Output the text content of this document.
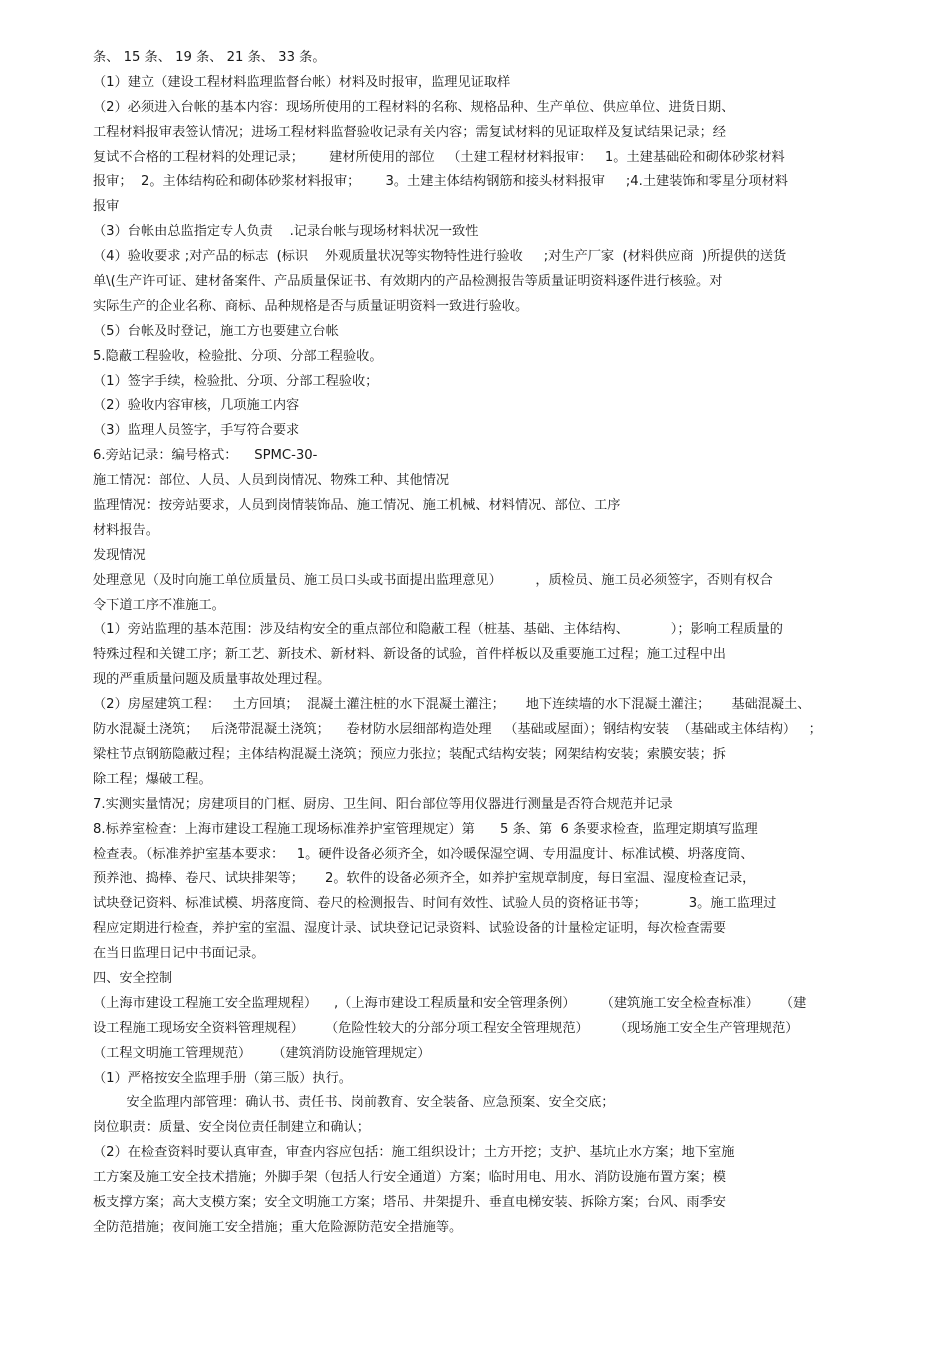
条、 15 条、 19 条、 21 条、 33 条。
（1）建立（建设工程材料监理监督台帐）材料及时报审，监理见证取样
（2）必须进入台帐的基本内容：现场所使用的工程材料的名称、规格品种、生产单位、供应单位、进货日期、
工程材料报审表签认情况；进场工程材料监督验收记录有关内容；需复试材料的见证取样及复试结果记录；经
复试不合格的工程材料的处理记录；      建材所使用的部位   （土建工程材材料报审：   1。土建基础砼和砌体砂浆材料
报审；  2。主体结构砼和砌体砂浆材料报审；      3。土建主体结构钢筋和接头材料报审     ;4.土建装饰和零星分项材料
报审
（3）台帐由总监指定专人负责    .记录台帐与现场材料状况一致性
（4）验收要求 ;对产品的标志  (标识    外观质量状况等实物特性进行验收     ;对生产厂家  (材料供应商  )所提供的送货
单\(生产许可证、建材备案件、产品质量保证书、有效期内的产品检测报告等质量证明资料逐件进行核验。对
实际生产的企业名称、商标、品种规格是否与质量证明资料一致进行验收。
（5）台帐及时登记，施工方也要建立台帐
5.隐蔽工程验收，检验批、分项、分部工程验收。
（1）签字手续，检验批、分项、分部工程验收；
（2）验收内容审核，几项施工内容
（3）监理人员签字，手写符合要求
6.旁站记录：编号格式：    SPMC-30-
施工情况：部位、人员、人员到岗情况、物殊工种、其他情况
监理情况：按旁站要求，人员到岗情装饰品、施工情况、施工机械、材料情况、部位、工序
材料报告。
发现情况
处理意见（及时向施工单位质量员、施工员口头或书面提出监理意见）        ，质检员、施工员必须签字，否则有权合
令下道工序不准施工。
（1）旁站监理的基本范围：涉及结构安全的重点部位和隐蔽工程（桩基、基础、主体结构、          ）；影响工程质量的
特殊过程和关键工序；新工艺、新技术、新材料、新设备的试验，首件样板以及重要施工过程；施工过程中出
现的严重质量问题及质量事故处理过程。
（2）房屋建筑工程：   土方回填；  混凝土灌注桩的水下混凝土灌注；     地下连续墙的水下混凝土灌注；     基础混凝土、
防水混凝土浇筑；   后浇带混凝土浇筑；    卷材防水层细部构造处理   （基础或屋面）；钢结构安装  （基础或主体结构）   ；
梁柱节点钢筋隐蔽过程；主体结构混凝土浇筑；预应力张拉；装配式结构安装；网架结构安装；索膜安装；拆
除工程；爆破工程。
7.实测实量情况；房建项目的门框、厨房、卫生间、阳台部位等用仪器进行测量是否符合规范并记录
8.标养室检查：上海市建设工程施工现场标准养护室管理规定）第      5 条、第  6 条要求检查，监理定期填写监理
检查表。（标准养护室基本要求：   1。硬件设备必须齐全，如冷暖保湿空调、专用温度计、标准试模、坍落度筒、
预养池、捣棒、卷尺、试块排架等；     2。软件的设备必须齐全，如养护室规章制度，每日室温、湿度检查记录，
试块登记资料、标准试模、坍落度筒、卷尺的检测报告、时间有效性、试验人员的资格证书等；          3。施工监理过
程应定期进行检查，养护室的室温、湿度计录、试块登记记录资料、试验设备的计量检定证明，每次检查需要
在当日监理日记中书面记录。
四、安全控制
（上海市建设工程施工安全监理规程）    ,（上海市建设工程质量和安全管理条例）      （建筑施工安全检查标准）     （建
设工程施工现场安全资料管理规程）     （危险性较大的分部分项工程安全管理规范）      （现场施工安全生产管理规范）
（工程文明施工管理规范）     （建筑消防设施管理规定）
（1）严格按安全监理手册（第三版）执行。
安全监理内部管理：确认书、责任书、岗前教育、安全装备、应急预案、安全交底；
岗位职责：质量、安全岗位责任制建立和确认；
（2）在检查资料时要认真审查，审查内容应包括：施工组织设计；土方开挖；支护、基坑止水方案；地下室施
工方案及施工安全技术措施；外脚手架（包括人行安全通道）方案；临时用电、用水、消防设施布置方案；模
板支撑方案；高大支模方案；安全文明施工方案；塔吊、井架提升、垂直电梯安装、拆除方案；台风、雨季安
全防范措施；夜间施工安全措施；重大危险源防范安全措施等。
